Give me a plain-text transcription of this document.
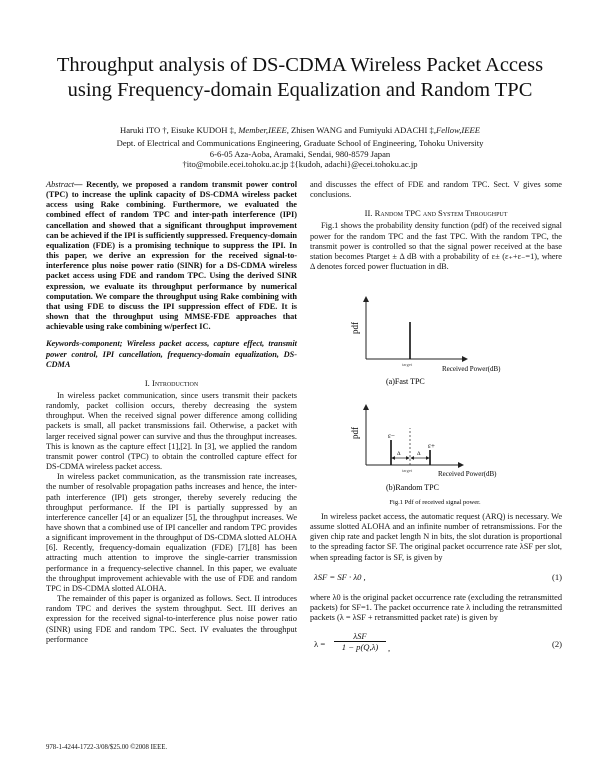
Throughput analysis of DS-CDMA Wireless Packet Access
using Frequency-domain Equalization and Random TPC
Haruki ITO †, Eisuke KUDOH ‡, Member,IEEE, Zhisen WANG and Fumiyuki ADACHI ‡,Fellow,IEEE
Dept. of Electrical and Communications Engineering, Graduate School of Engineering, Tohoku University
6-6-05 Aza-Aoba, Aramaki, Sendai, 980-8579 Japan
†ito@mobile.ecei.tohoku.ac.jp ‡{kudoh, adachi}@ecei.tohoku.ac.jp

Abstract— Recently, we proposed a random transmit power control (TPC) to increase the uplink capacity of DS-CDMA wireless packet access using Rake combining. Furthermore, we evaluated the combined effect of random TPC and inter-path interference (IPI) cancellation and showed that a significant throughput improvement can be achieved if the IPI is sufficiently suppressed. Frequency-domain equalization (FDE) is a promising technique to suppress the IPI. In this paper, we derive an expression for the received signal-to-interference plus noise power ratio (SINR) for a DS-CDMA wireless packet access using FDE and random TPC. Using the derived SINR expression, we evaluate its throughput performance by numerical computation. We compare the throughput using Rake combining with that using FDE to discuss the IPI suppression effect of FDE. It is shown that the throughput using MMSE-FDE approaches that achievable using rake combining w/perfect IC.

Keywords-component; Wireless packet access, capture effect, transmit power control, IPI cancellation, frequency-domain equalization, DS-CDMA

I. Introduction

In wireless packet communication, since users transmit their packets randomly, packet collision occurs, thereby decreasing the system throughput. When the received signal power difference among colliding packets is small, all packet transmissions fail. Otherwise, a packet with larger received signal power can survive and thus the throughput increases. This is known as the capture effect [1],[2]. In [3], we applied the random transmit power control (TPC) to obtain the controlled capture effect for DS-CDMA wireless packet access.

In wireless packet communication, as the transmission rate increases, the number of resolvable propagation paths increases and hence, the inter-path interference (IPI) gets stronger, thereby severely reducing the throughput performance. If the IPI is partially suppressed by an interference canceller [4] or an equalizer [5], the throughput increases. We have shown that a combined use of IPI canceller and random TPC provides a significant improvement in the throughput of DS-CDMA slotted ALOHA [6]. Recently, frequency-domain equalization (FDE) [7],[8] has been attracting much attention to improve the single-carrier transmission performance in a frequency-selective channel. In this paper, we evaluate the throughput improvement achievable with the use of FDE and random TPC in DS-CDMA slotted ALOHA.

The remainder of this paper is organized as follows. Sect. II introduces random TPC and derives the system throughput. Sect. III derives an expression for the received signal-to-interference plus noise power ratio (SINR) using FDE and random TPC. Sect. IV evaluates the throughput performance

978-1-4244-1722-3/08/$25.00 ©2008 IEEE.

and discusses the effect of FDE and random TPC. Sect. V gives some conclusions.

II. Random TPC and System Throughput

Fig.1 shows the probability density function (pdf) of the received signal power for the random TPC and the fast TPC. With the random TPC, the transmit power is controlled so that the signal power received at the base station becomes Ptarget ± Δ dB with a probability of ε± (ε₊+ε₋=1), where Δ denotes forced power fluctuation in dB.

pdf
target
Received Power(dB)
(a)Fast TPC
pdf	ε−
ε+
Δ	Δ
target	Received Power(dB)
(b)Random TPC
Fig.1 Pdf of received signal power.

In wireless packet access, the automatic request (ARQ) is necessary. We assume slotted ALOHA and an infinite number of retransmissions. For the given chip rate and packet length N in bits, the slot duration is proportional to the spreading factor SF. The original packet occurrence rate λSF per slot, when spreading factor is SF, is given by

λSF = SF · λ0 ,	(1)

where λ0 is the original packet occurrence rate (excluding the retransmitted packets) for SF=1. The packet occurrence rate λ including the retransmitted packets (λ = λSF + retransmitted packet rate) is given by

λ =
λSF
1 − p(Q,λ)	,	(2)
